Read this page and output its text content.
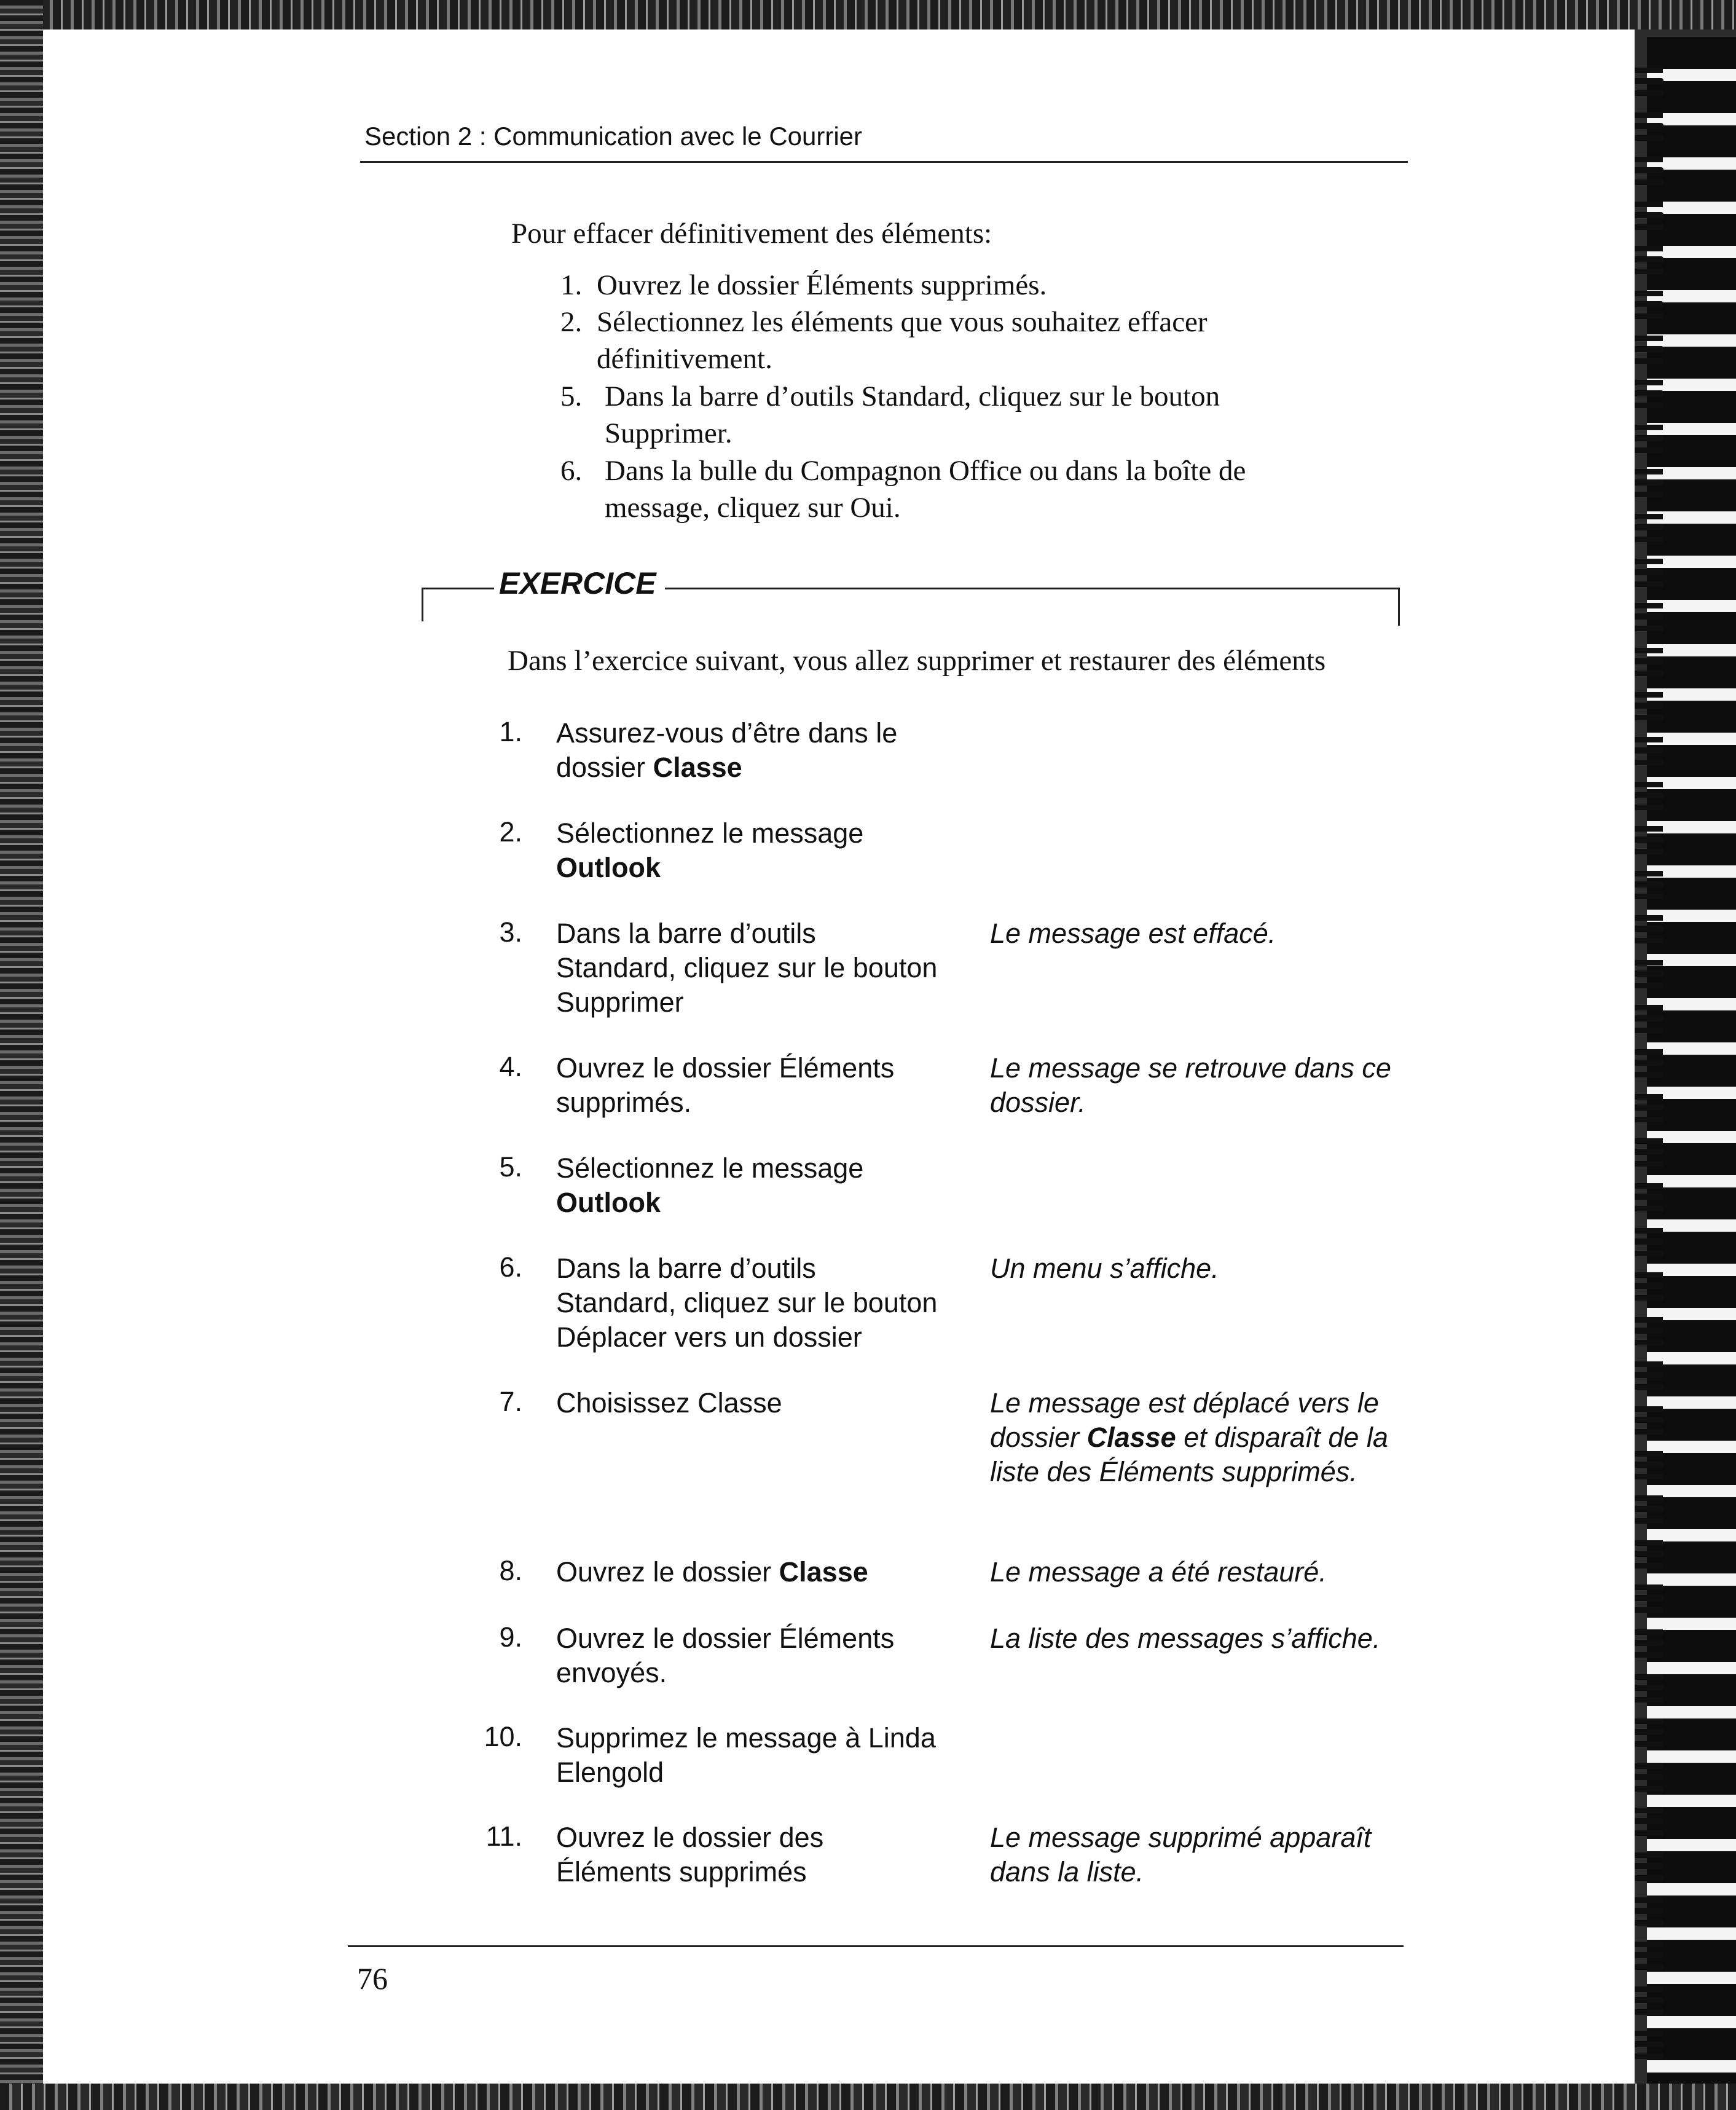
Section 2 : Communication avec le Courrier
Pour effacer définitivement des éléments:
1. Ouvrez le dossier Éléments supprimés.
2. Sélectionnez les éléments que vous souhaitez effacer
définitivement.
5. Dans la barre d’outils Standard, cliquez sur le bouton
Supprimer.
6. Dans la bulle du Compagnon Office ou dans la boîte de
message, cliquez sur Oui.
EXERCICE
Dans l’exercice suivant, vous allez supprimer et restaurer des éléments
1. Assurez-vous d’être dans le
dossier Classe
2. Sélectionnez le message
Outlook
3. Dans la barre d’outils
Standard, cliquez sur le bouton
Supprimer
Le message est effacé.
4. Ouvrez le dossier Éléments
supprimés.
Le message se retrouve dans ce dossier.
5. Sélectionnez le message
Outlook
6. Dans la barre d’outils
Standard, cliquez sur le bouton
Déplacer vers un dossier
Un menu s’affiche.
7. Choisissez Classe	Le message est déplacé vers le dossier Classe et disparaît de la liste des Éléments supprimés.
8. Ouvrez le dossier Classe	Le message a été restauré.
9. Ouvrez le dossier Éléments
envoyés.
La liste des messages s’affiche.
10. Supprimez le message à Linda
Elengold
11. Ouvrez le dossier des
Éléments supprimés
Le message supprimé apparaît dans la liste.
76
